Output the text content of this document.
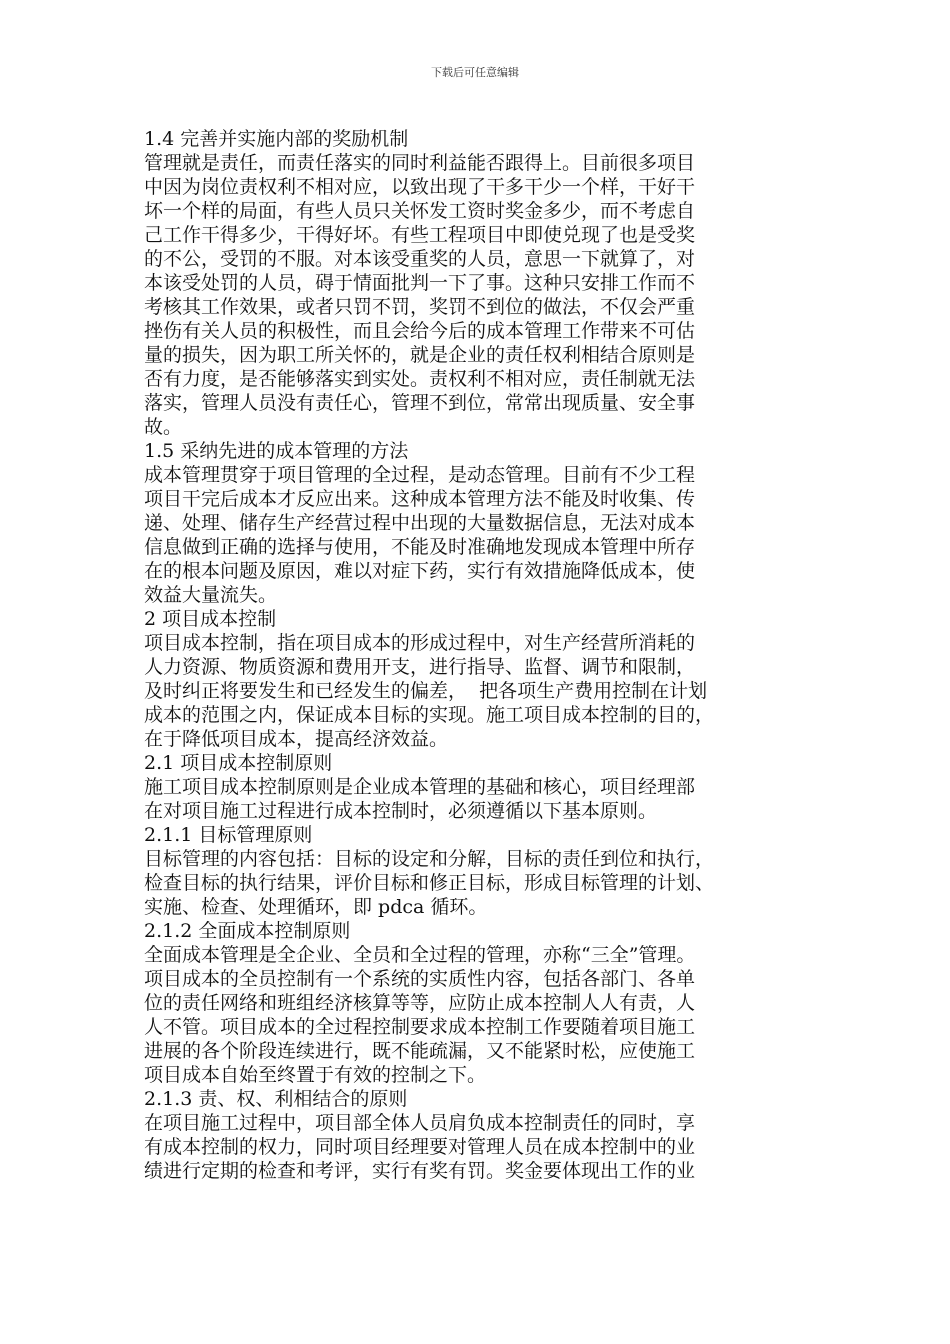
下载后可任意编辑
1.4 完善并实施内部的奖励机制
管理就是责任，而责任落实的同时利益能否跟得上。目前很多项目
中因为岗位责权利不相对应，以致出现了干多干少一个样，干好干
坏一个样的局面，有些人员只关怀发工资时奖金多少，而不考虑自
己工作干得多少，干得好坏。有些工程项目中即使兑现了也是受奖
的不公，受罚的不服。对本该受重奖的人员，意思一下就算了，对
本该受处罚的人员，碍于情面批判一下了事。这种只安排工作而不
考核其工作效果，或者只罚不罚，奖罚不到位的做法，不仅会严重
挫伤有关人员的积极性，而且会给今后的成本管理工作带来不可估
量的损失，因为职工所关怀的，就是企业的责任权利相结合原则是
否有力度，是否能够落实到实处。责权利不相对应，责任制就无法
落实，管理人员没有责任心，管理不到位，常常出现质量、安全事
故。
1.5 采纳先进的成本管理的方法
成本管理贯穿于项目管理的全过程，是动态管理。目前有不少工程
项目干完后成本才反应出来。这种成本管理方法不能及时收集、传
递、处理、储存生产经营过程中出现的大量数据信息，无法对成本
信息做到正确的选择与使用，不能及时准确地发现成本管理中所存
在的根本问题及原因，难以对症下药，实行有效措施降低成本，使
效益大量流失。
2 项目成本控制
项目成本控制，指在项目成本的形成过程中，对生产经营所消耗的
人力资源、物质资源和费用开支，进行指导、监督、调节和限制，
及时纠正将要发生和已经发生的偏差，  把各项生产费用控制在计划
成本的范围之内，保证成本目标的实现。施工项目成本控制的目的，
在于降低项目成本，提高经济效益。
2.1 项目成本控制原则
施工项目成本控制原则是企业成本管理的基础和核心，项目经理部
在对项目施工过程进行成本控制时，必须遵循以下基本原则。
2.1.1 目标管理原则
目标管理的内容包括：目标的设定和分解，目标的责任到位和执行，
检查目标的执行结果，评价目标和修正目标，形成目标管理的计划、
实施、检查、处理循环，即 pdca 循环。
2.1.2 全面成本控制原则
全面成本管理是全企业、全员和全过程的管理，亦称“三全”管理。
项目成本的全员控制有一个系统的实质性内容，包括各部门、各单
位的责任网络和班组经济核算等等，应防止成本控制人人有责，人
人不管。项目成本的全过程控制要求成本控制工作要随着项目施工
进展的各个阶段连续进行，既不能疏漏，又不能紧时松，应使施工
项目成本自始至终置于有效的控制之下。
2.1.3 责、权、利相结合的原则
在项目施工过程中，项目部全体人员肩负成本控制责任的同时，享
有成本控制的权力，同时项目经理要对管理人员在成本控制中的业
绩进行定期的检查和考评，实行有奖有罚。奖金要体现出工作的业
